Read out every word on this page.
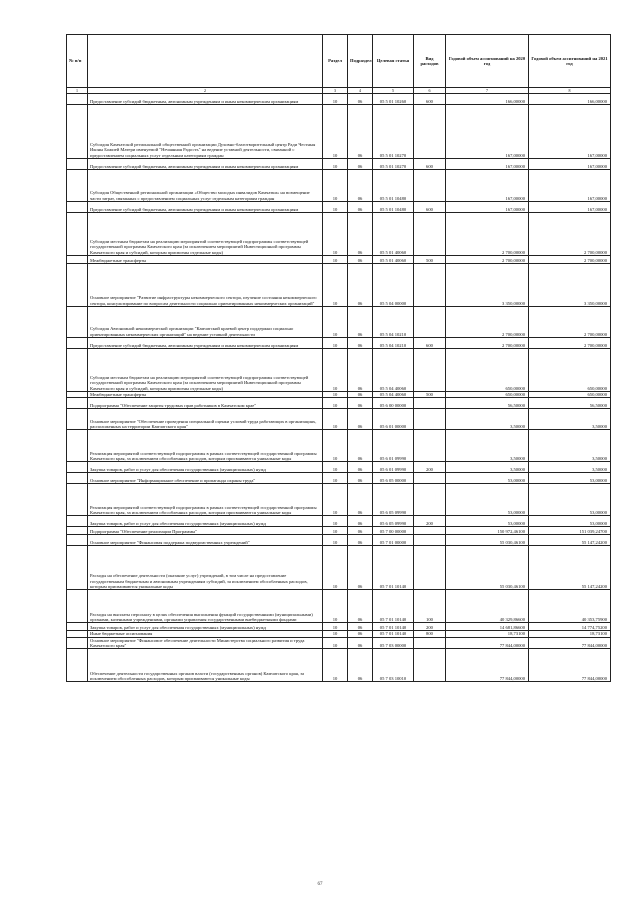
№ п/п		Раздел	Подраздел	Целевая статья	Вид расходов	Годовой объем ассигнований на 2020 год	Годовой объем ассигнований на 2021 год
1	2	3	4	5	6	7	8
	Предоставление субсидий бюджетным, автономным учреждениям и иным некоммерческим организациям	10	06	05 5 01 10260	600	166,00000	166,00000
	Субсидия Камчатской региональной общественной организации Духовно-благотворительный центр Ради Честныя Иконы Божией Матери именуемой "Нечаянная Радость" на ведение уставной деятельности, связанной с предоставлением социальных услуг отдельным категориям граждан	10	06	05 5 01 10270		167,00000	167,00000
	Предоставление субсидий бюджетным, автономным учреждениям и иным некоммерческим организациям	10	06	05 5 01 10270	600	167,00000	167,00000
	Субсидия Общественной региональной организации «Общество молодых инвалидов Камчатки» на возмещение части затрат, связанных с предоставлением социальных услуг отдельным категориям граждан	10	06	05 5 01 10480		167,00000	167,00000
	Предоставление субсидий бюджетным, автономным учреждениям и иным некоммерческим организациям	10	06	05 5 01 10480	600	167,00000	167,00000
	Субсидии местным бюджетам на реализацию мероприятий соответствующей подпрограммы соответствующей государственной программы Камчатского края (за исключением мероприятий Инвестиционной программы Камчатского края и субсидий, которым присвоены отдельные коды)	10	06	05 5 01 40060		2 700,00000	2 700,00000
	Межбюджетные трансферты	10	06	05 5 01 40060	500	2 700,00000	2 700,00000
	Основное мероприятие "Развитие инфраструктуры некоммерческого сектора, изучение состояния некоммерческого сектора, консультирование по вопросам деятельности социально ориентированных некоммерческих организаций"	10	06	05 5 04 00000		3 350,00000	3 350,00000
	Субсидия Автономной некоммерческой организации "Камчатский краевой центр поддержки социально ориентированных некоммерческих организаций" на ведение уставной деятельности	10	06	05 5 04 10210		2 700,00000	2 700,00000
	Предоставление субсидий бюджетным, автономным учреждениям и иным некоммерческим организациям	10	06	05 5 04 10210	600	2 700,00000	2 700,00000
	Субсидии местным бюджетам на реализацию мероприятий соответствующей подпрограммы соответствующей государственной программы Камчатского края (за исключением мероприятий Инвестиционной программы Камчатского края и субсидий, которым присвоены отдельные коды)	10	06	05 5 04 40060		650,00000	650,00000
	Межбюджетные трансферты	10	06	05 5 04 40060	500	650,00000	650,00000
	Подпрограмма "Обеспечение защиты трудовых прав работников в Камчатском крае"	10	06	05 6 00 00000		56,50000	56,50000
	Основное мероприятие "Обеспечение проведения специальной оценки условий труда работающих в организациях, расположенных на территории Камчатского края"	10	06	05 6 01 00000		3,50000	3,50000
	Реализация мероприятий соответствующей подпрограммы в рамках соответствующей государственной программы Камчатского края, за исключением обособленных расходов, которым присваиваются уникальные коды	10	06	05 6 01 09990		3,50000	3,50000
	Закупка товаров, работ и услуг для обеспечения государственных (муниципальных) нужд	10	06	05 6 01 09990	200	3,50000	3,50000
	Основное мероприятие "Информационное обеспечение и пропаганда охраны труда"	10	06	05 6 05 00000		53,00000	53,00000
	Реализация мероприятий соответствующей подпрограммы в рамках соответствующей государственной программы Камчатского края, за исключением обособленных расходов, которым присваиваются уникальные коды	10	06	05 6 05 09990		53,00000	53,00000
	Закупка товаров, работ и услуг для обеспечения государственных (муниципальных) нужд	10	06	05 6 05 09990	200	53,00000	53,00000
	Подпрограмма "Обеспечение реализации Программы"	10	06	05 7 00 00000		150 972,46100	151 039,24700
	Основное мероприятие "Финансовая поддержка подведомственных учреждений"	10	06	05 7 01 00000		55 030,46100	55 147,24200
	Расходы на обеспечение деятельности (оказание услуг) учреждений, в том числе на предоставление государственным бюджетным и автономным учреждениям субсидий, за исключением обособленных расходов, которым присваиваются уникальные коды	10	06	05 7 01 10140		55 030,46100	55 147,24200
	Расходы на выплаты персоналу в целях обеспечения выполнения функций государственными (муниципальными) органами, казенными учреждениями, органами управления государственными внебюджетными фондами	10	06	05 7 01 10140	100	40 329,86600	40 353,75900
	Закупка товаров, работ и услуг для обеспечения государственных (муниципальных) нужд	10	06	05 7 01 10140	200	14 681,86600	14 774,75200
	Иные бюджетные ассигнования	10	06	05 7 01 10140	800	18,73100	18,73100
	Основное мероприятие "Финансовое обеспечение деятельности Министерства социального развития и труда Камчатского края"	10	06	05 7 03 00000		77 844,00000	77 844,00000
	Обеспечение деятельности государственных органов власти (государственных органов) Камчатского края, за исключением обособленных расходов, которым присваиваются уникальные коды	10	06	05 7 03 10010		77 844,00000	77 844,00000
67
